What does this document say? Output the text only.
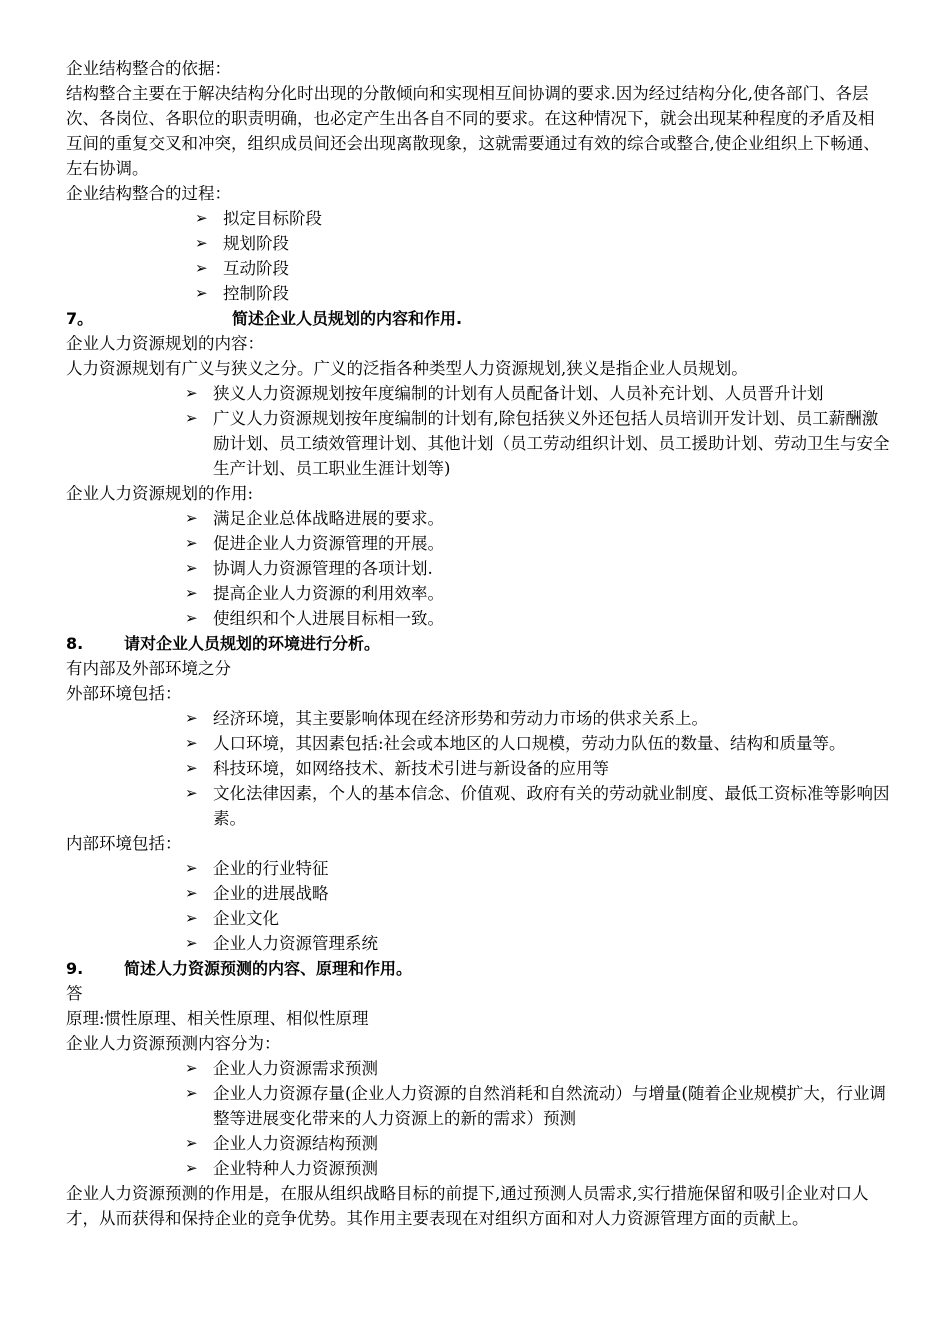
企业结构整合的依据：

结构整合主要在于解决结构分化时出现的分散倾向和实现相互间协调的要求.因为经过结构分化,使各部门、各层次、各岗位、各职位的职责明确，也必定产生出各自不同的要求。在这种情况下，就会出现某种程度的矛盾及相互间的重复交叉和冲突，组织成员间还会出现离散现象，这就需要通过有效的综合或整合,使企业组织上下畅通、左右协调。

企业结构整合的过程：

➢ 拟定目标阶段
➢ 规划阶段
➢ 互动阶段
➢ 控制阶段

7。	简述企业人员规划的内容和作用.

企业人力资源规划的内容：

人力资源规划有广义与狭义之分。广义的泛指各种类型人力资源规划,狭义是指企业人员规划。

➢ 狭义人力资源规划按年度编制的计划有人员配备计划、人员补充计划、人员晋升计划
➢ 广义人力资源规划按年度编制的计划有,除包括狭义外还包括人员培训开发计划、员工薪酬激励计划、员工绩效管理计划、其他计划（员工劳动组织计划、员工援助计划、劳动卫生与安全生产计划、员工职业生涯计划等)

企业人力资源规划的作用:

➢ 满足企业总体战略进展的要求。
➢ 促进企业人力资源管理的开展。
➢ 协调人力资源管理的各项计划.
➢ 提高企业人力资源的利用效率。
➢ 使组织和个人进展目标相一致。

8.	请对企业人员规划的环境进行分析。

有内部及外部环境之分

外部环境包括：

➢ 经济环境，其主要影响体现在经济形势和劳动力市场的供求关系上。
➢ 人口环境，其因素包括:社会或本地区的人口规模，劳动力队伍的数量、结构和质量等。
➢ 科技环境，如网络技术、新技术引进与新设备的应用等
➢ 文化法律因素，个人的基本信念、价值观、政府有关的劳动就业制度、最低工资标准等影响因素。

内部环境包括：

➢ 企业的行业特征
➢ 企业的进展战略
➢ 企业文化
➢ 企业人力资源管理系统

9.	简述人力资源预测的内容、原理和作用。

答

原理:惯性原理、相关性原理、相似性原理

企业人力资源预测内容分为：

➢ 企业人力资源需求预测
➢ 企业人力资源存量(企业人力资源的自然消耗和自然流动）与增量(随着企业规模扩大，行业调整等进展变化带来的人力资源上的新的需求）预测
➢ 企业人力资源结构预测
➢ 企业特种人力资源预测

企业人力资源预测的作用是，在服从组织战略目标的前提下,通过预测人员需求,实行措施保留和吸引企业对口人才，从而获得和保持企业的竞争优势。其作用主要表现在对组织方面和对人力资源管理方面的贡献上。
